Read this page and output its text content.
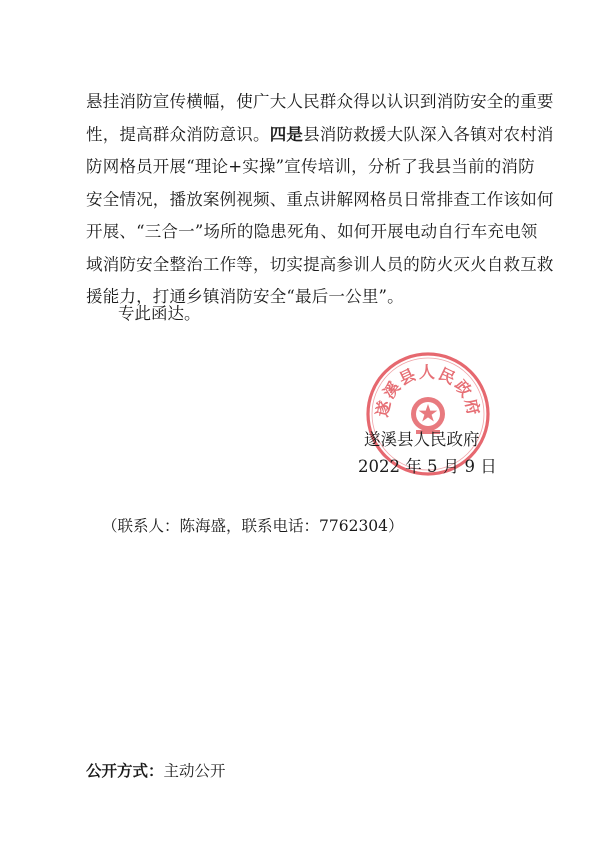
悬挂消防宣传横幅，使广大人民群众得以认识到消防安全的重要
性，提高群众消防意识。四是县消防救援大队深入各镇对农村消
防网格员开展“理论+实操”宣传培训，分析了我县当前的消防
安全情况，播放案例视频、重点讲解网格员日常排查工作该如何
开展、“三合一”场所的隐患死角、如何开展电动自行车充电领
域消防安全整治工作等，切实提高参训人员的防火灭火自救互救
援能力，打通乡镇消防安全“最后一公里”。
专此函达。
遂溪县人民政府
遂溪县人民政府
2022 年 5 月 9 日
（联系人：陈海盛，联系电话：7762304）
公开方式：主动公开
